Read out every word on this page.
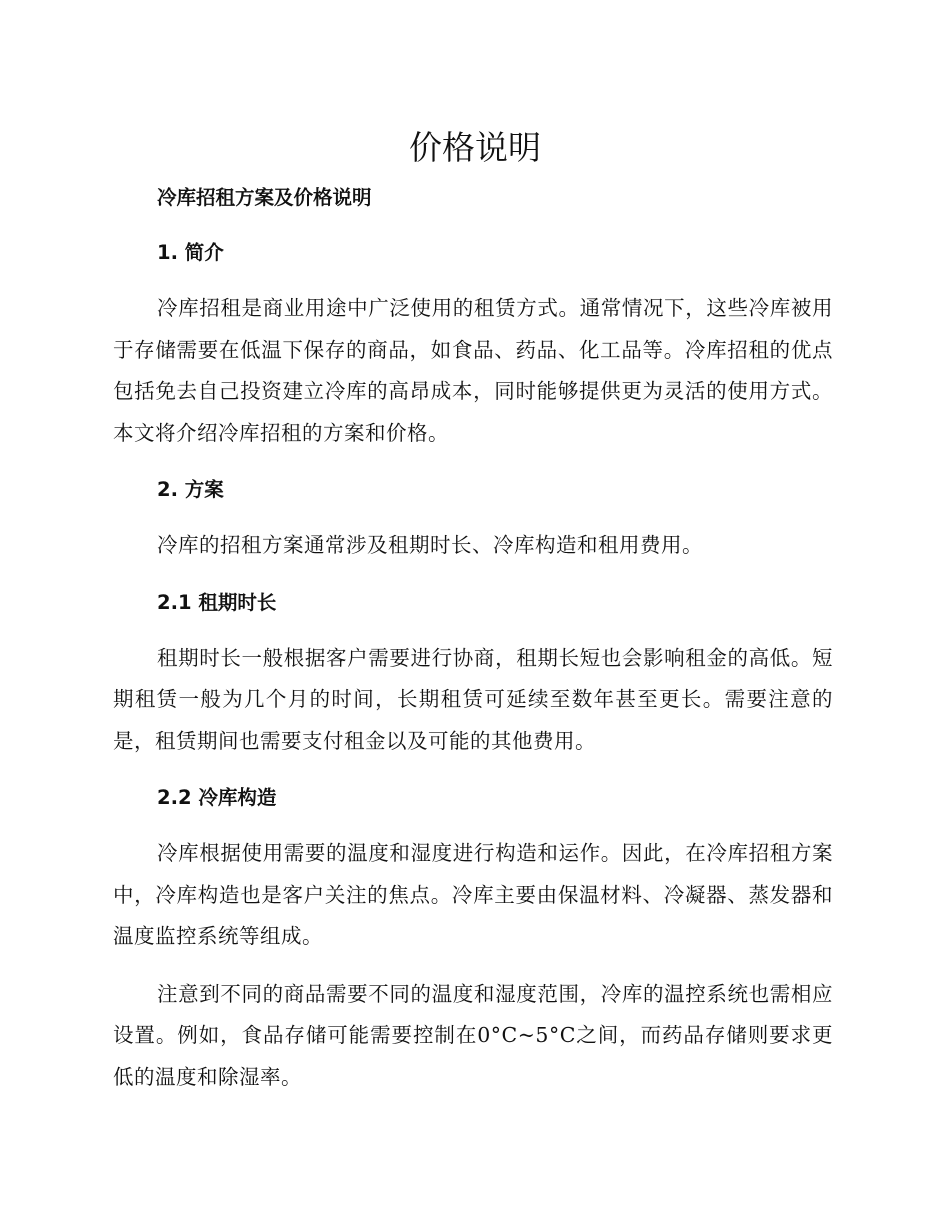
价格说明
冷库招租方案及价格说明
1. 简介

冷库招租是商业用途中广泛使用的租赁方式。通常情况下，这些冷库被用于存储需要在低温下保存的商品，如食品、药品、化工品等。冷库招租的优点包括免去自己投资建立冷库的高昂成本，同时能够提供更为灵活的使用方式。本文将介绍冷库招租的方案和价格。

2. 方案

冷库的招租方案通常涉及租期时长、冷库构造和租用费用。

2.1 租期时长

租期时长一般根据客户需要进行协商，租期长短也会影响租金的高低。短期租赁一般为几个月的时间，长期租赁可延续至数年甚至更长。需要注意的是，租赁期间也需要支付租金以及可能的其他费用。

2.2 冷库构造

冷库根据使用需要的温度和湿度进行构造和运作。因此，在冷库招租方案中，冷库构造也是客户关注的焦点。冷库主要由保温材料、冷凝器、蒸发器和温度监控系统等组成。

注意到不同的商品需要不同的温度和湿度范围，冷库的温控系统也需相应设置。例如，食品存储可能需要控制在0°C~5°C之间，而药品存储则要求更低的温度和除湿率。
